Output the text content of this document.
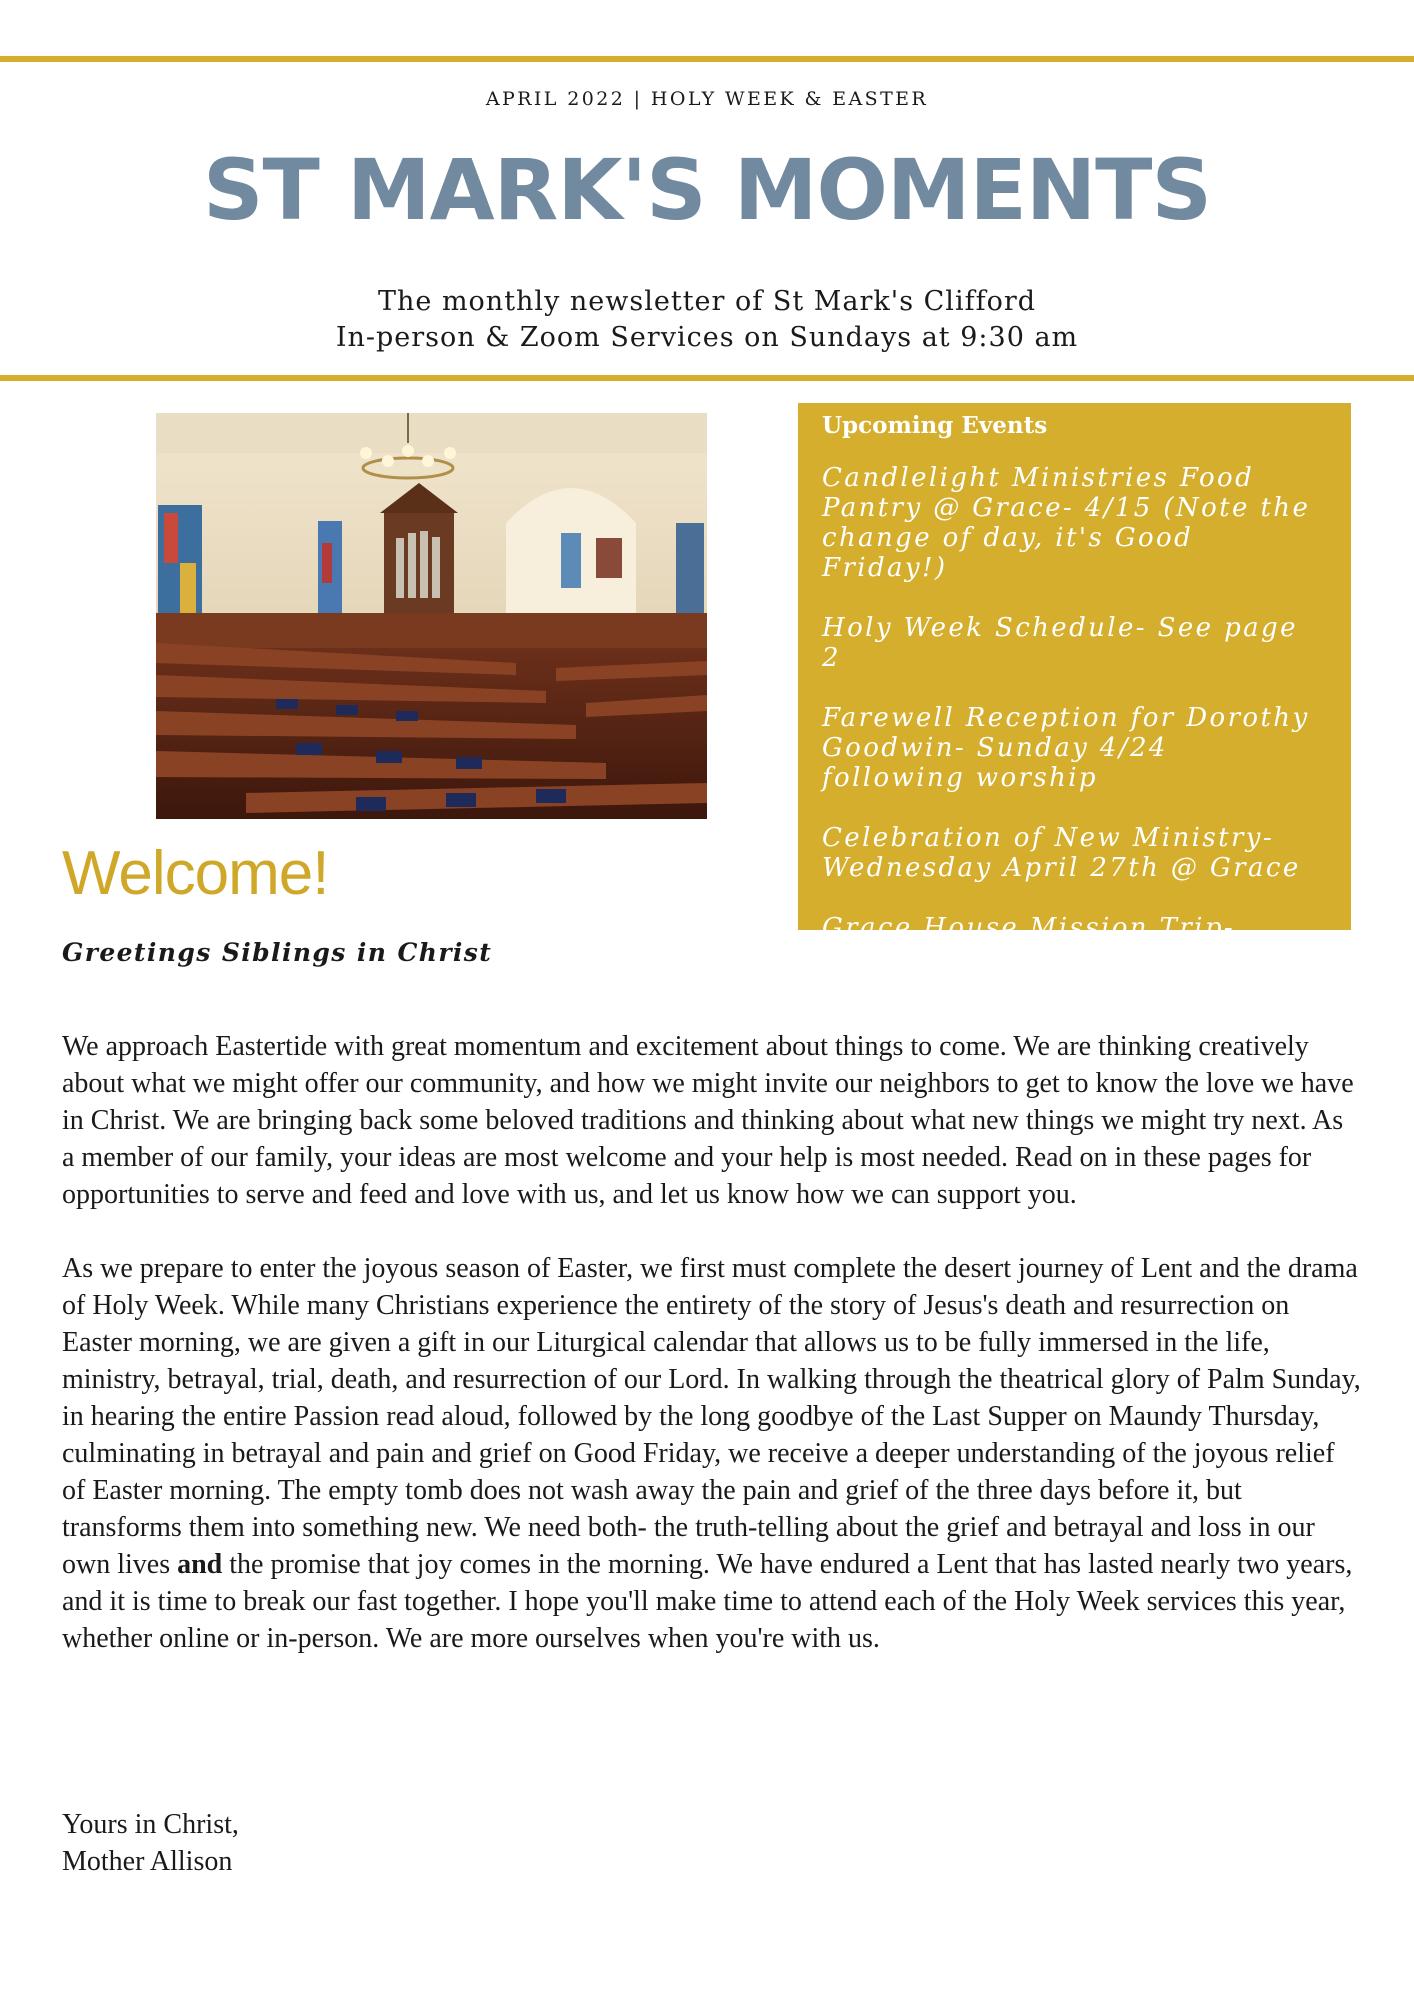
APRIL 2022 | HOLY WEEK & EASTER
ST MARK'S MOMENTS
The monthly newsletter of St Mark's Clifford
In-person & Zoom Services on Sundays at 9:30 am
Upcoming Events
Candlelight Ministries Food
Pantry @ Grace- 4/15 (Note the
change of day, it's Good Friday!)
Holy Week Schedule- See page 2
Farewell Reception for Dorothy
Goodwin- Sunday 4/24
following worship
Celebration of New Ministry-
Wednesday April 27th @ Grace
Grace House Mission Trip-
4/28-5/1 See page 4 for details
Welcome!
Greetings Siblings in Christ

We approach Eastertide with great momentum and excitement about things to come. We are thinking creatively about what we might offer our community, and how we might invite our neighbors to get to know the love we have in Christ. We are bringing back some beloved traditions and thinking about what new things we might try next. As a member of our family, your ideas are most welcome and your help is most needed. Read on in these pages for opportunities to serve and feed and love with us, and let us know how we can support you.

As we prepare to enter the joyous season of Easter, we first must complete the desert journey of Lent and the drama of Holy Week. While many Christians experience the entirety of the story of Jesus's death and resurrection on Easter morning, we are given a gift in our Liturgical calendar that allows us to be fully immersed in the life, ministry, betrayal, trial, death, and resurrection of our Lord. In walking through the theatrical glory of Palm Sunday, in hearing the entire Passion read aloud, followed by the long goodbye of the Last Supper on Maundy Thursday, culminating in betrayal and pain and grief on Good Friday, we receive a deeper understanding of the joyous relief of Easter morning. The empty tomb does not wash away the pain and grief of the three days before it, but transforms them into something new. We need both- the truth-telling about the grief and betrayal and loss in our own lives and the promise that joy comes in the morning. We have endured a Lent that has lasted nearly two years, and it is time to break our fast together. I hope you'll make time to attend each of the Holy Week services this year, whether online or in-person. We are more ourselves when you're with us.

Yours in Christ,
Mother Allison
